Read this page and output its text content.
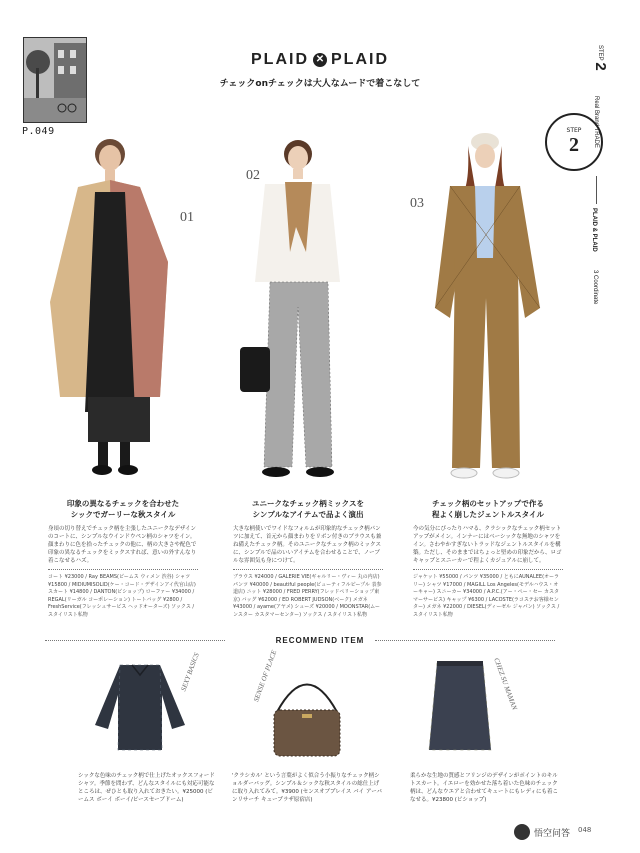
P.049
PLAID ✕ PLAID
チェックonチェックは大人なムードで着こなして
STEP 2
Real Brand TRADE
PLAID & PLAID
3 Coordinate
STEP
2
01
02
03
印象の異なるチェックを合わせた
シックでガーリーな秋スタイル
身頃の切り替えでチェック柄を主張したユニークなデザインのコートに、シンプルなウインドウペン柄のシャツをイン。顔まわりに色を拾ったチェックの他に、柄の大きさや配色で印象の異なるチェックをミックスすれば、意いの外すんなり着こなせるハズ。
コート ¥23000 / Ray BEAMS(ビームス ウィメン 渋谷) シャツ ¥15800 / MIDIUMISOLID(ケー・コード・デザインアイ代官山店) スカート ¥14800 / DANTON(ビショップ) ローファー ¥34000 / REGAL(リーガル コーポレーション) トートバッグ ¥2800 / FreshService(フレッシュサービス ヘッドオーターズ) ソックス / スタイリスト私物
ユニークなチェック柄ミックスを
シンプルなアイテムで品よく演出
大きな柄使いでワイドなフォルムが印象的なチェック柄パンツに加えて、首元から顔まわりをリボン付きのブラウスも兼ね備えたチェック柄。そのユニークなチェック柄のミックスに、シンプルで品のいいアイテムを合わせることで、ノーブルな雰囲気も身につけて。
ブラウス ¥24000 / GALERIE VIE(ギャルリー・ヴィー 丸の内店) パンツ ¥40000 / beautiful people(ビューティフルピープル 表参道店) ニット ¥28000 / FRED PERRY(フレッドペリーショップ東京) バッグ ¥62000 / ED ROBERT JUDSON(ベーク) メガネ ¥43000 / ayame(アヤメ) シューズ ¥20000 / MOONSTAR(ムーンスター カスタマーセンター) ソックス / スタイリスト私物
チェック柄のセットアップで作る
程よく崩したジェントルスタイル
今の気分にぴったりハマる、クラシックなチェック柄セットアップがメイン。インナーにはベーシックな無地のシャツをイン。さわやかすぎないトラッドなジェントルスタイルを構築。ただし、そのままではちょっと堅めの印象だから、ロゴキャップとスニーカーで程よくカジュアルに崩して。
ジャケット ¥55000 / パンツ ¥35000 / ともにAUNALEE(オーラリー) シャツ ¥17000 / MAGILL Los Angeles(モデルハウス・オーキャー) スニーカー ¥34000 / A.P.C.(アー・ペー・セー カスタマーサービス) キャップ ¥6300 / LACOSTE(ラコステお客様センター) メガネ ¥22000 / DIESEL(ディーゼル ジャパン) ソックス / スタイリスト私物
RECOMMEND ITEM
SEXY BASICS	SENSE OF PLACE	CHEZ SU MAMAN
シックな色味のチェック柄で仕上げたオックスフォードシャツ。季節を問わず、どんなスタイルにも対応可能なところは、ぜひとも取り入れておきたい。¥25000 (ビームス ボーイ ボーイ/ピースセーブドーム)
'クラシカル' という言葉がよく似合う小振りなチェック柄ショルダーバッグ。シンプル＆シックな秋スタイルの総仕上げに取り入れてみて。¥3900 (センスオブプレイス バイ アーバンリサーチ キュープラザ原宿店)
柔らかな生地の質感とフリンジのデザインがポイントのキルトスカート。イエローを効かせた落ち着いた色味のチェック柄は、どんなウエアと合わせてキュートにもレディにも着こなせる。¥23800 (ビショップ)
048
悟空问答
